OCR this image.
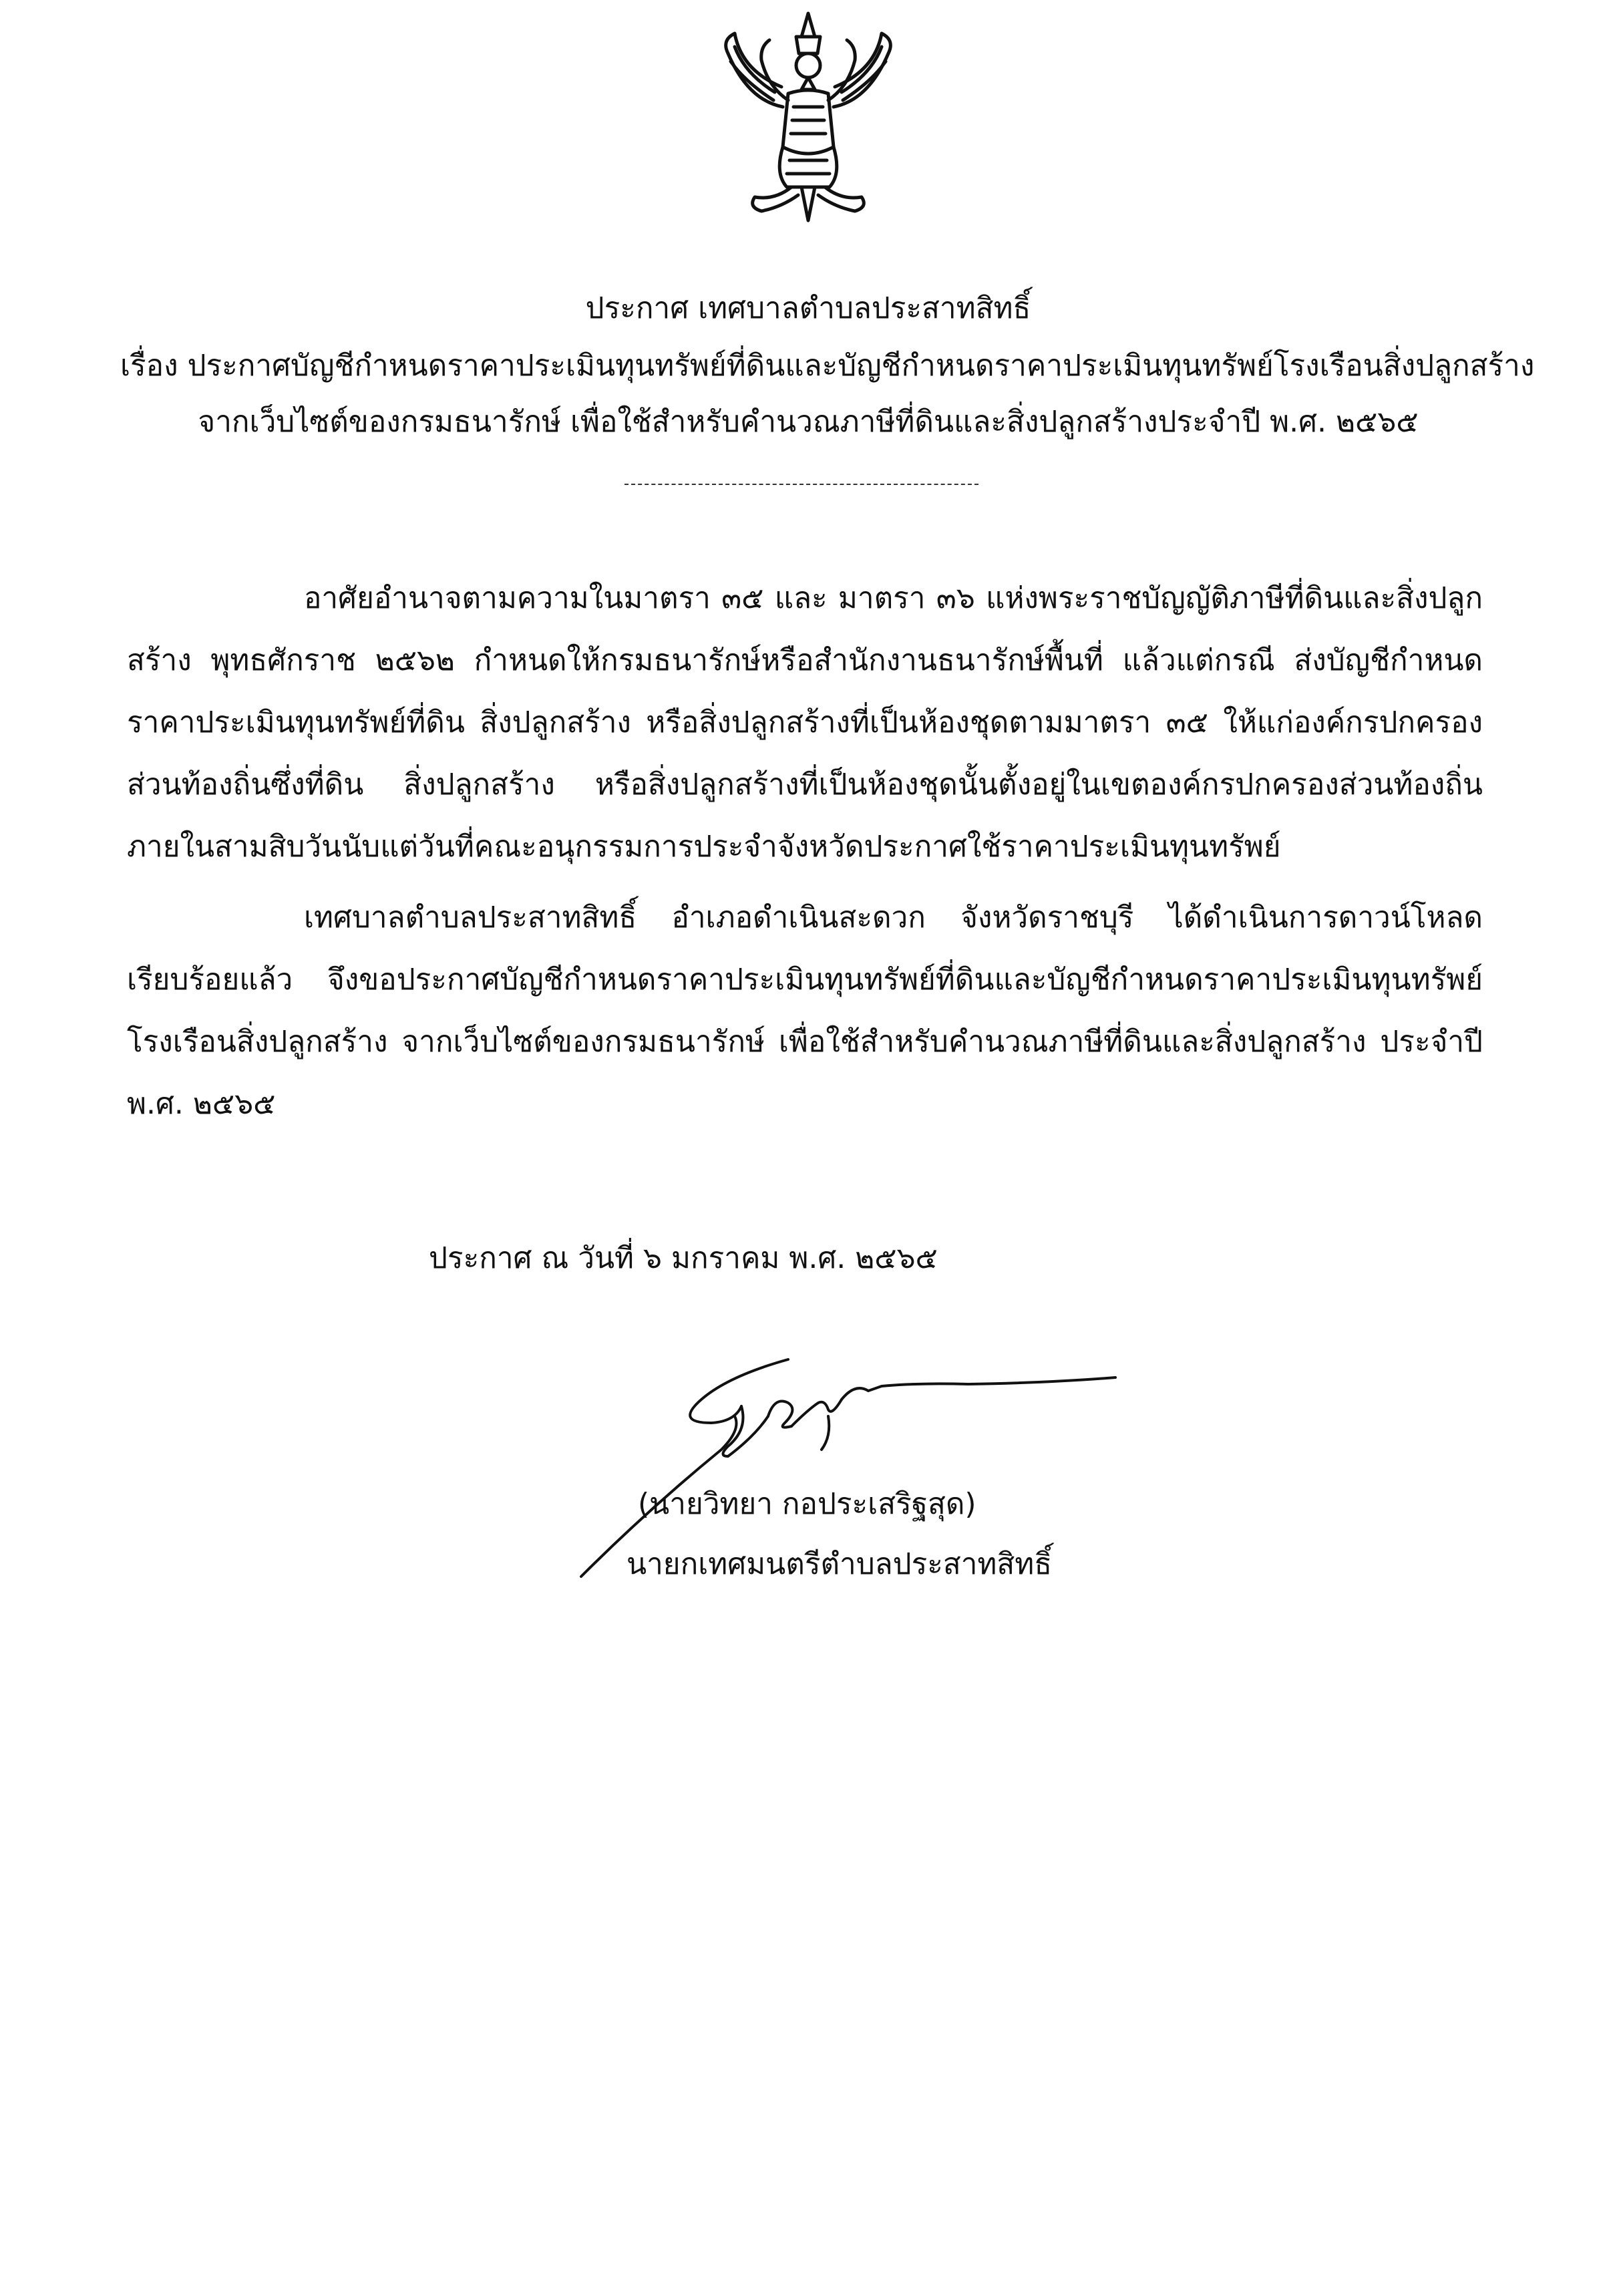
ประกาศ เทศบาลตำบลประสาทสิทธิ์
เรื่อง ประกาศบัญชีกำหนดราคาประเมินทุนทรัพย์ที่ดินและบัญชีกำหนดราคาประเมินทุนทรัพย์โรงเรือนสิ่งปลูกสร้าง
จากเว็บไซต์ของกรมธนารักษ์ เพื่อใช้สำหรับคำนวณภาษีที่ดินและสิ่งปลูกสร้างประจำปี พ.ศ. ๒๕๖๕

อาศัยอำนาจตามความในมาตรา ๓๕ และ มาตรา ๓๖ แห่งพระราชบัญญัติภาษีที่ดินและสิ่งปลูกสร้าง พุทธศักราช ๒๕๖๒ กำหนดให้กรมธนารักษ์หรือสำนักงานธนารักษ์พื้นที่ แล้วแต่กรณี ส่งบัญชีกำหนดราคาประเมินทุนทรัพย์ที่ดิน สิ่งปลูกสร้าง หรือสิ่งปลูกสร้างที่เป็นห้องชุดตามมาตรา ๓๕ ให้แก่องค์กรปกครองส่วนท้องถิ่นซึ่งที่ดิน สิ่งปลูกสร้าง หรือสิ่งปลูกสร้างที่เป็นห้องชุดนั้นตั้งอยู่ในเขตองค์กรปกครองส่วนท้องถิ่น ภายในสามสิบวันนับแต่วันที่คณะอนุกรรมการประจำจังหวัดประกาศใช้ราคาประเมินทุนทรัพย์

เทศบาลตำบลประสาทสิทธิ์ อำเภอดำเนินสะดวก จังหวัดราชบุรี ได้ดำเนินการดาวน์โหลดเรียบร้อยแล้ว จึงขอประกาศบัญชีกำหนดราคาประเมินทุนทรัพย์ที่ดินและบัญชีกำหนดราคาประเมินทุนทรัพย์โรงเรือนสิ่งปลูกสร้าง จากเว็บไซต์ของกรมธนารักษ์ เพื่อใช้สำหรับคำนวณภาษีที่ดินและสิ่งปลูกสร้าง ประจำปี พ.ศ. ๒๕๖๕

ประกาศ ณ วันที่ ๖ มกราคม พ.ศ. ๒๕๖๕
(นายวิทยา กอประเสริฐสุด)
นายกเทศมนตรีตำบลประสาทสิทธิ์
